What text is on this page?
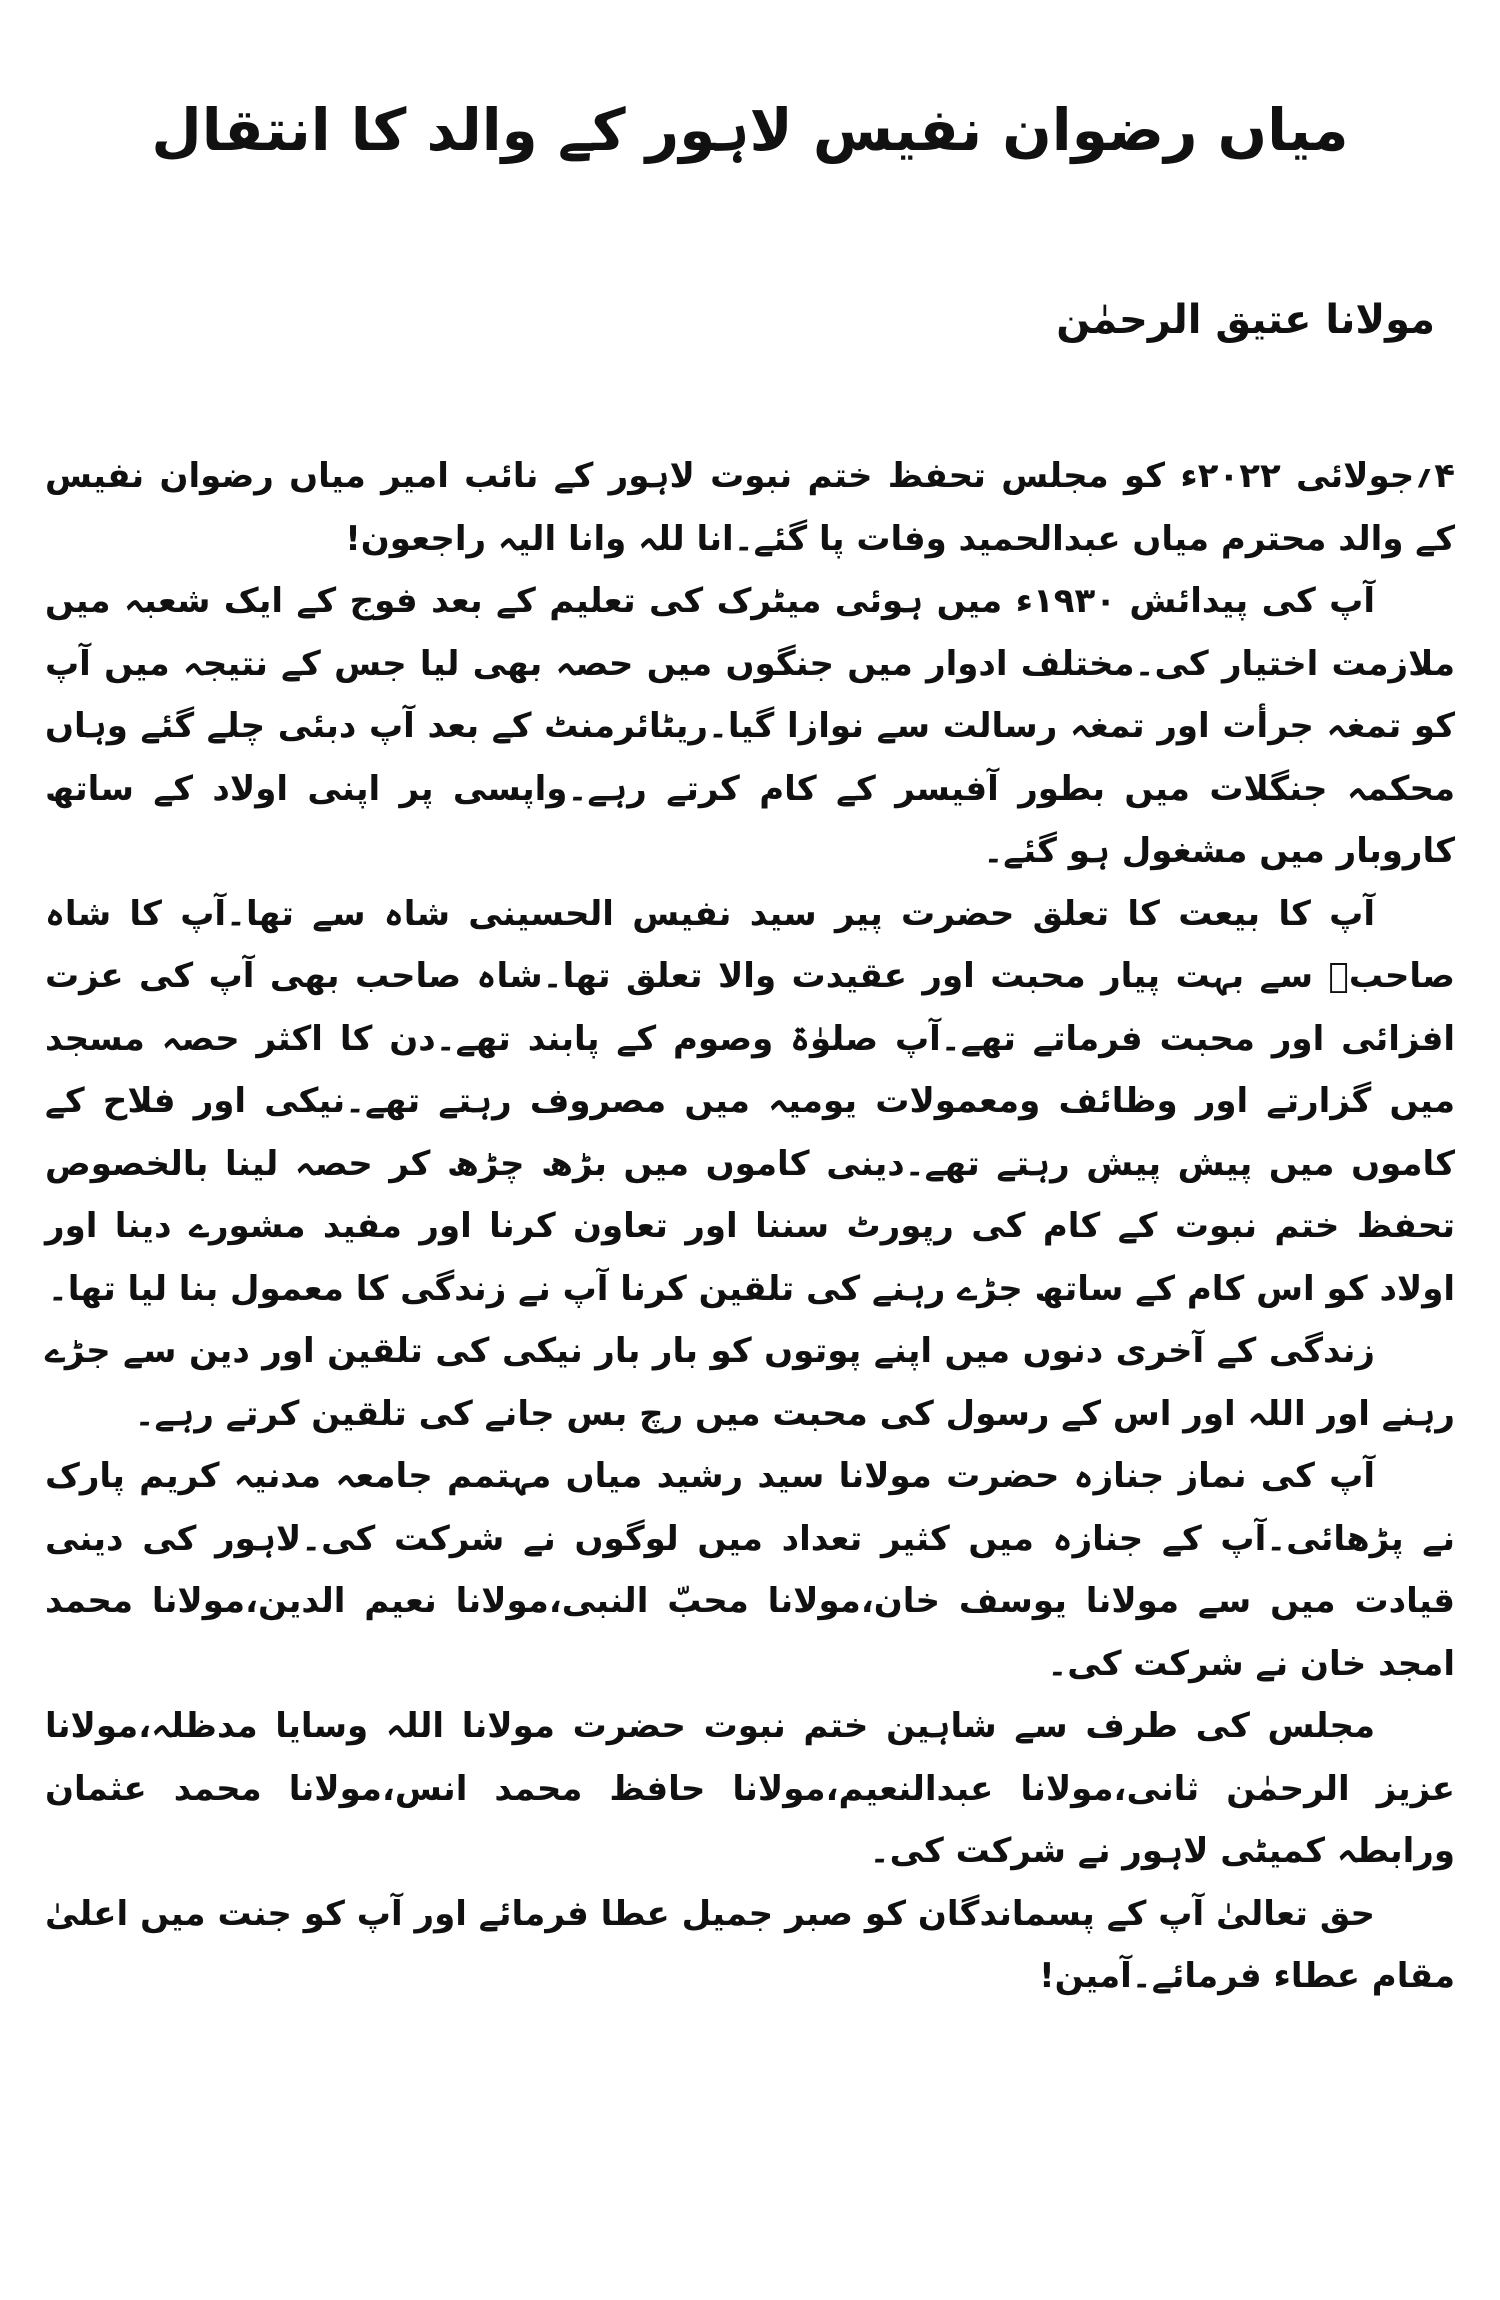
میاں رضوان نفیس لاہور کے والد کا انتقال
مولانا عتیق الرحمٰن

۴؍جولائی ۲۰۲۲ء کو مجلس تحفظ ختم نبوت لاہور کے نائب امیر میاں رضوان نفیس کے والد محترم میاں عبدالحمید وفات پا گئے۔انا للہ وانا الیہ راجعون!

آپ کی پیدائش ۱۹۳۰ء میں ہوئی میٹرک کی تعلیم کے بعد فوج کے ایک شعبہ میں ملازمت اختیار کی۔مختلف ادوار میں جنگوں میں حصہ بھی لیا جس کے نتیجہ میں آپ کو تمغہ جرأت اور تمغہ رسالت سے نوازا گیا۔ریٹائرمنٹ کے بعد آپ دبئی چلے گئے وہاں محکمہ جنگلات میں بطور آفیسر کے کام کرتے رہے۔واپسی پر اپنی اولاد کے ساتھ کاروبار میں مشغول ہو گئے۔

آپ کا بیعت کا تعلق حضرت پیر سید نفیس الحسینی شاہ سے تھا۔آپ کا شاہ صاحبؒ سے بہت پیار محبت اور عقیدت والا تعلق تھا۔شاہ صاحب بھی آپ کی عزت افزائی اور محبت فرماتے تھے۔آپ صلوٰۃ وصوم کے پابند تھے۔دن کا اکثر حصہ مسجد میں گزارتے اور وظائف ومعمولات یومیہ میں مصروف رہتے تھے۔نیکی اور فلاح کے کاموں میں پیش پیش رہتے تھے۔دینی کاموں میں بڑھ چڑھ کر حصہ لینا بالخصوص تحفظ ختم نبوت کے کام کی رپورٹ سننا اور تعاون کرنا اور مفید مشورے دینا اور اولاد کو اس کام کے ساتھ جڑے رہنے کی تلقین کرنا آپ نے زندگی کا معمول بنا لیا تھا۔

زندگی کے آخری دنوں میں اپنے پوتوں کو بار بار نیکی کی تلقین اور دین سے جڑے رہنے اور اللہ اور اس کے رسول کی محبت میں رچ بس جانے کی تلقین کرتے رہے۔

آپ کی نماز جنازہ حضرت مولانا سید رشید میاں مہتمم جامعہ مدنیہ کریم پارک نے پڑھائی۔آپ کے جنازہ میں کثیر تعداد میں لوگوں نے شرکت کی۔لاہور کی دینی قیادت میں سے مولانا یوسف خان،مولانا محبّ النبی،مولانا نعیم الدین،مولانا محمد امجد خان نے شرکت کی۔

مجلس کی طرف سے شاہین ختم نبوت حضرت مولانا اللہ وسایا مدظلہ،مولانا عزیز الرحمٰن ثانی،مولانا عبدالنعیم،مولانا حافظ محمد انس،مولانا محمد عثمان ورابطہ کمیٹی لاہور نے شرکت کی۔

حق تعالیٰ آپ کے پسماندگان کو صبر جمیل عطا فرمائے اور آپ کو جنت میں اعلیٰ مقام عطاء فرمائے۔آمین!
